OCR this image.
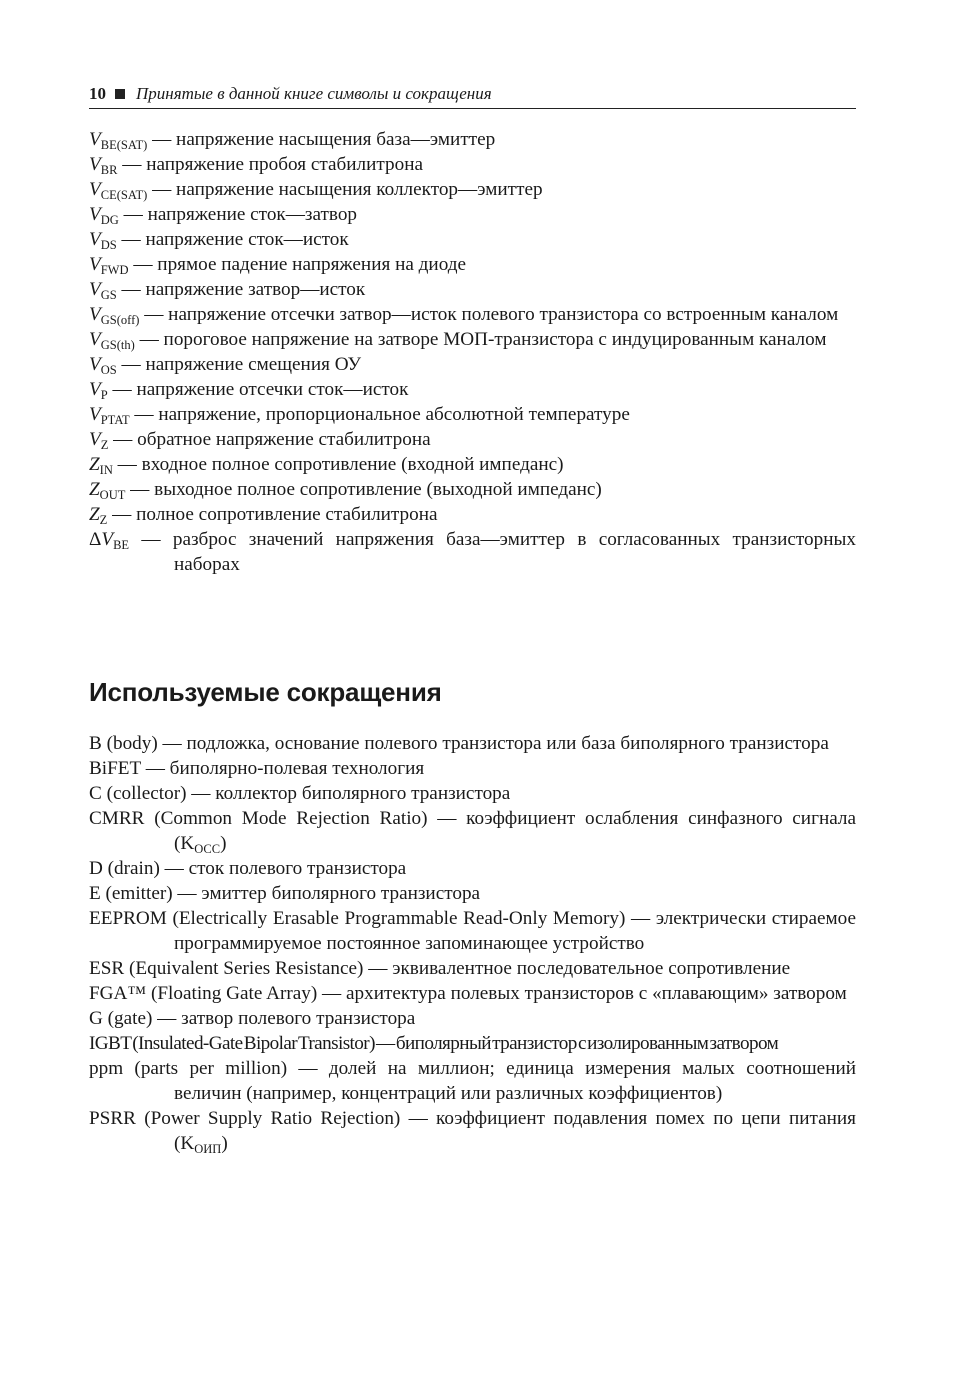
10 Принятые в данной книге символы и сокращения
$V_{BE(SAT)}$ — напряжение насыщения база—эмиттер
$V_{BR}$ — напряжение пробоя стабилитрона
$V_{CE(SAT)}$ — напряжение насыщения коллектор—эмиттер
$V_{DG}$ — напряжение сток—затвор
$V_{DS}$ — напряжение сток—исток
$V_{FWD}$ — прямое падение напряжения на диоде
$V_{GS}$ — напряжение затвор—исток
$V_{GS(off)}$ — напряжение отсечки затвор—исток полевого транзистора со встроенным каналом
$V_{GS(th)}$ — пороговое напряжение на затворе МОП-транзистора с индуцированным каналом
$V_{OS}$ — напряжение смещения ОУ
$V_P$ — напряжение отсечки сток—исток
$V_{PTAT}$ — напряжение, пропорциональное абсолютной температуре
$V_Z$ — обратное напряжение стабилитрона
$Z_{IN}$ — входное полное сопротивление (входной импеданс)
$Z_{OUT}$ — выходное полное сопротивление (выходной импеданс)
$Z_Z$ — полное сопротивление стабилитрона
$\Delta V_{BE}$ — разброс значений напряжения база—эмиттер в согласованных транзисторных наборах
Используемые сокращения
B (body) — подложка, основание полевого транзистора или база биполярного транзистора
BiFET — биполярно-полевая технология
C (collector) — коллектор биполярного транзистора
CMRR (Common Mode Rejection Ratio) — коэффициент ослабления синфазного сигнала $(K_{ОСС})$
D (drain) — сток полевого транзистора
E (emitter) — эмиттер биполярного транзистора
EEPROM (Electrically Erasable Programmable Read-Only Memory) — электрически стираемое программируемое постоянное запоминающее устройство
ESR (Equivalent Series Resistance) — эквивалентное последовательное сопротивление
FGA™ (Floating Gate Array) — архитектура полевых транзисторов с «плавающим» затвором
G (gate) — затвор полевого транзистора
IGBT (Insulated-Gate Bipolar Transistor) — биполярный транзистор с изолированным затвором
ppm (parts per million) — долей на миллион; единица измерения малых соотношений величин (например, концентраций или различных коэффициентов)
PSRR (Power Supply Ratio Rejection) — коэффициент подавления помех по цепи питания $(K_{ОИП})$
